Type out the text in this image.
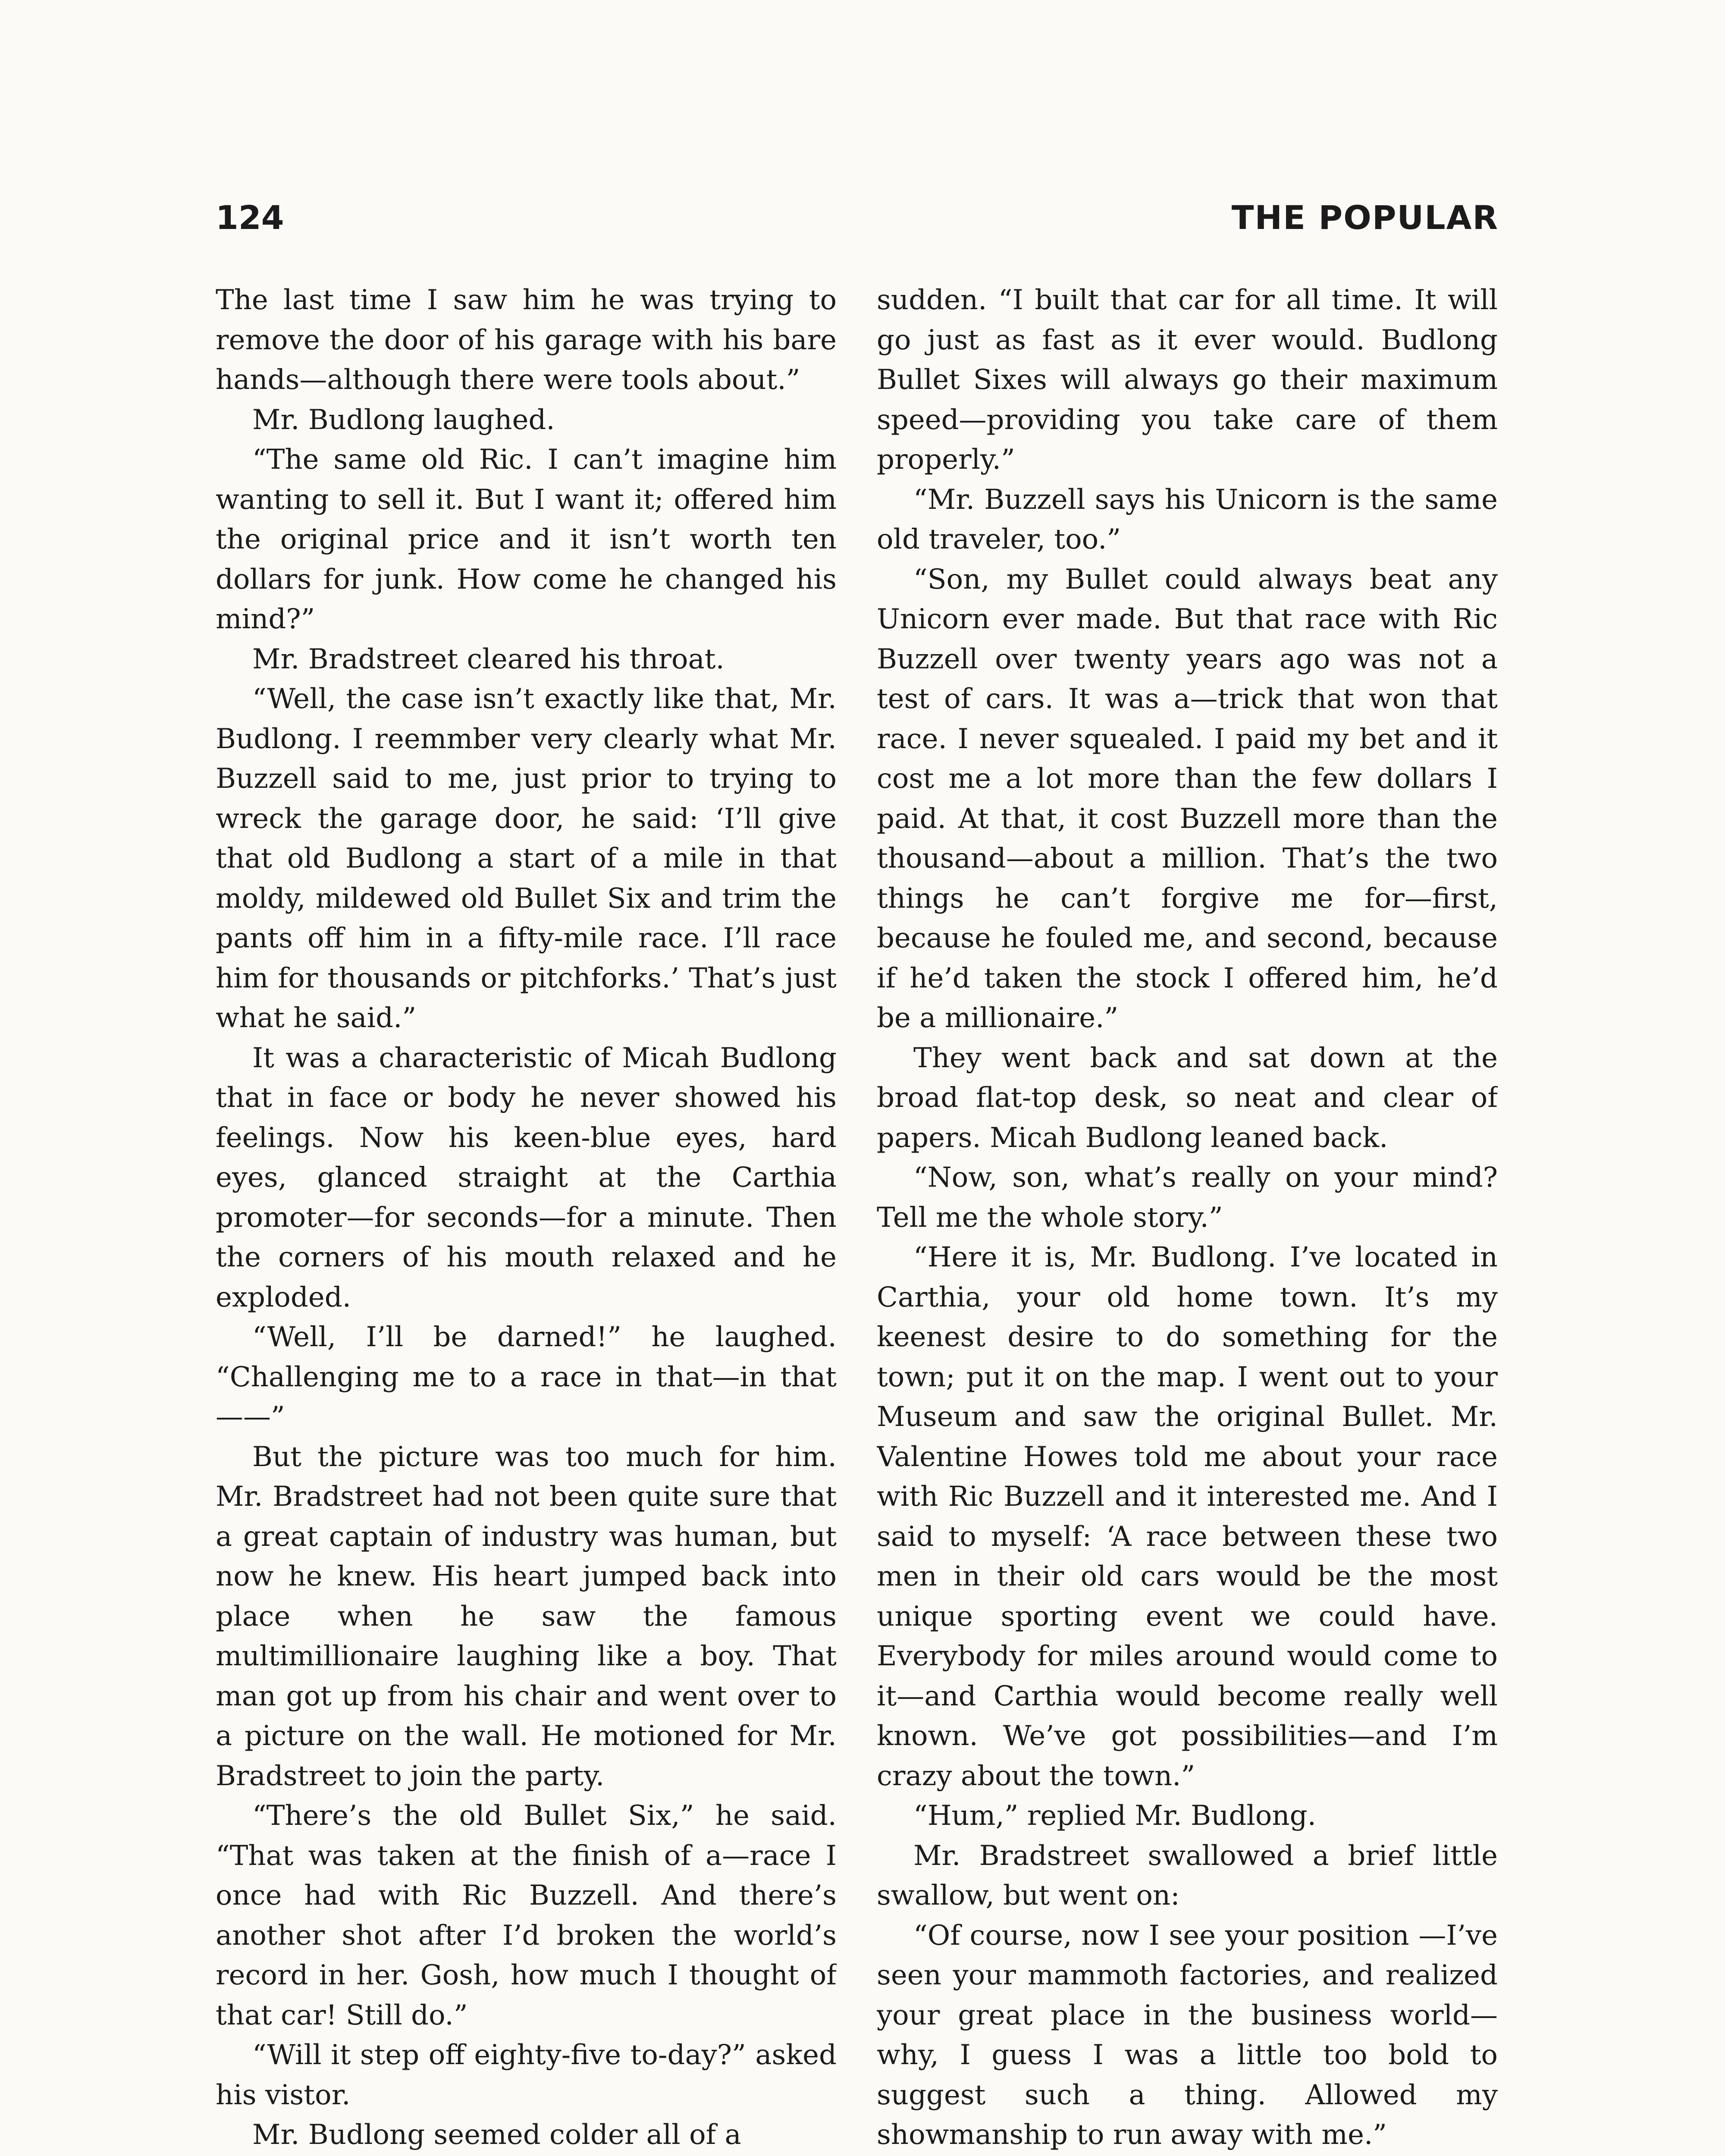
124	THE POPULAR

The last time I saw him he was trying to remove the door of his garage with his bare hands—although there were tools about.”

Mr. Budlong laughed.

“The same old Ric. I can’t imagine him wanting to sell it. But I want it; offered him the original price and it isn’t worth ten dollars for junk. How come he changed his mind?”

Mr. Bradstreet cleared his throat.

“Well, the case isn’t exactly like that, Mr. Budlong. I reemmber very clearly what Mr. Buzzell said to me, just prior to trying to wreck the garage door, he said: ‘I’ll give that old Budlong a start of a mile in that moldy, mildewed old Bullet Six and trim the pants off him in a fifty-mile race. I’ll race him for thousands or pitchforks.’ That’s just what he said.”

It was a characteristic of Micah Budlong that in face or body he never showed his feelings. Now his keen-blue eyes, hard eyes, glanced straight at the Carthia promoter—for seconds—for a minute. Then the corners of his mouth relaxed and he exploded.

“Well, I’ll be darned!” he laughed. “Challenging me to a race in that—in that——”

But the picture was too much for him. Mr. Bradstreet had not been quite sure that a great captain of industry was human, but now he knew. His heart jumped back into place when he saw the famous multimillionaire laughing like a boy. That man got up from his chair and went over to a picture on the wall. He motioned for Mr. Bradstreet to join the party.

“There’s the old Bullet Six,” he said. “That was taken at the finish of a—race I once had with Ric Buzzell. And there’s another shot after I’d broken the world’s record in her. Gosh, how much I thought of that car! Still do.”

“Will it step off eighty-five to-day?” asked his vistor.

Mr. Budlong seemed colder all of a

sudden. “I built that car for all time. It will go just as fast as it ever would. Budlong Bullet Sixes will always go their maximum speed—providing you take care of them properly.”

“Mr. Buzzell says his Unicorn is the same old traveler, too.”

“Son, my Bullet could always beat any Unicorn ever made. But that race with Ric Buzzell over twenty years ago was not a test of cars. It was a—trick that won that race. I never squealed. I paid my bet and it cost me a lot more than the few dollars I paid. At that, it cost Buzzell more than the thousand—about a million. That’s the two things he can’t forgive me for—first, because he fouled me, and second, because if he’d taken the stock I offered him, he’d be a millionaire.”

They went back and sat down at the broad flat-top desk, so neat and clear of papers. Micah Budlong leaned back.

“Now, son, what’s really on your mind? Tell me the whole story.”

“Here it is, Mr. Budlong. I’ve located in Carthia, your old home town. It’s my keenest desire to do something for the town; put it on the map. I went out to your Museum and saw the original Bullet. Mr. Valentine Howes told me about your race with Ric Buzzell and it interested me. And I said to myself: ‘A race between these two men in their old cars would be the most unique sporting event we could have. Everybody for miles around would come to it—and Carthia would become really well known. We’ve got possibilities—and I’m crazy about the town.”

“Hum,” replied Mr. Budlong.

Mr. Bradstreet swallowed a brief little swallow, but went on:

“Of course, now I see your position —I’ve seen your mammoth factories, and realized your great place in the business world—why, I guess I was a little too bold to suggest such a thing. Allowed my showmanship to run away with me.”
